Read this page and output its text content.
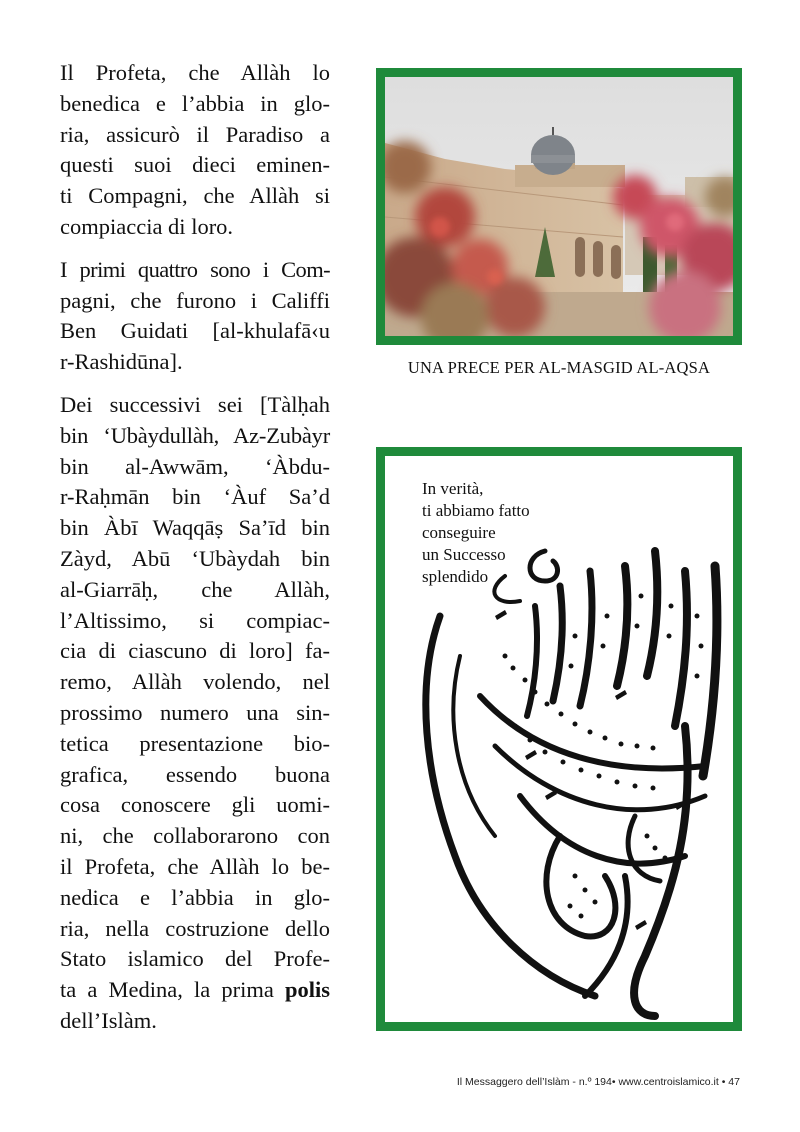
Il Profeta, che Allàh lo
benedica e l’abbia in glo-
ria, assicurò il Paradiso a
questi suoi dieci eminen-
ti Compagni, che Allàh si
compiaccia di loro.

I primi quattro sono i Com-
pagni, che furono i Califfi
Ben Guidati [al-khulafā‹u
r-Rashidūna].

Dei successivi sei [Tàlḥah
bin ‘Ubàydullàh, Az-Zubàyr
bin al-Awwām, ‘Àbdu-
r-Raḥmān bin ‘Àuf Sa’d
bin Àbī Waqqāṣ Sa’īd bin
Zàyd, Abū ‘Ubàydah bin
al-Giarrāḥ, che Allàh,
l’Altissimo, si compiac-
cia di ciascuno di loro] fa-
remo, Allàh volendo, nel
prossimo numero una sin-
tetica presentazione bio-
grafica, essendo buona
cosa conoscere gli uomi-
ni, che collaborarono con
il Profeta, che Allàh lo be-
nedica e l’abbia in glo-
ria, nella costruzione dello
Stato islamico del Profe-
ta a Medina, la prima polis
dell’Islàm.

UNA PRECE PER AL-MASGID AL-AQSA
In verità,
ti abbiamo fatto
conseguire
un Successo
splendido
Il Messaggero dell’Islàm - n.º 194• www.centroislamico.it • 47
